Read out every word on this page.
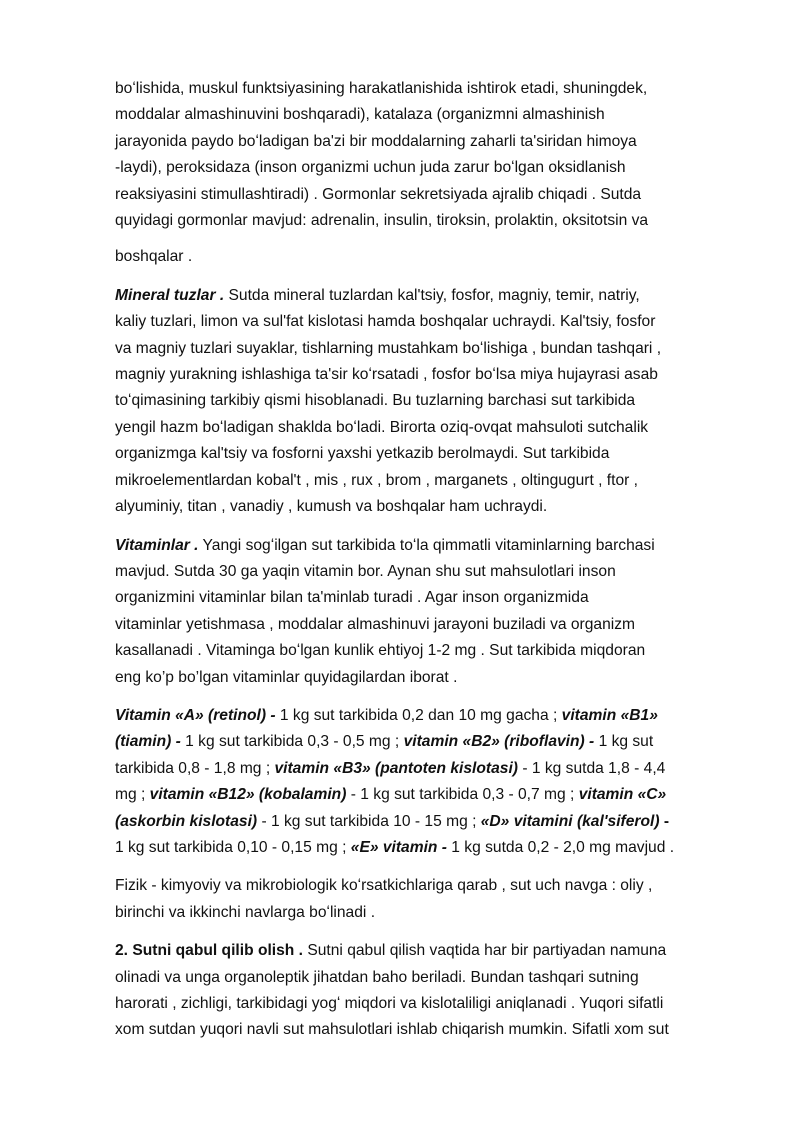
boʻlishida, muskul funktsiyasining harakatlanishida ishtirok etadi, shuningdek,
moddalar almashinuvini boshqaradi), katalaza (organizmni almashinish
jarayonida paydo boʻladigan ba'zi bir moddalarning zaharli ta'siridan himoya
-laydi), peroksidaza (inson organizmi uchun juda zarur boʻlgan oksidlanish
reaksiyasini stimullashtiradi) . Gormonlar sekretsiyada ajralib chiqadi . Sutda
quyidagi gormonlar mavjud: adrenalin, insulin, tiroksin, prolaktin, oksitotsin va
boshqalar .
Mineral tuzlar . Sutda mineral tuzlardan kal'tsiy, fosfor, magniy, temir, natriy,
kaliy tuzlari, limon va sul'fat kislotasi hamda boshqalar uchraydi. Kal'tsiy, fosfor
va magniy tuzlari suyaklar, tishlarning mustahkam boʻlishiga , bundan tashqari ,
magniy yurakning ishlashiga ta'sir koʻrsatadi , fosfor boʻlsa miya hujayrasi asab
toʻqimasining tarkibiy qismi hisoblanadi. Bu tuzlarning barchasi sut tarkibida
yengil hazm boʻladigan shaklda boʻladi. Birorta oziq-ovqat mahsuloti sutchalik
organizmga kal'tsiy va fosforni yaxshi yetkazib berolmaydi. Sut tarkibida
mikroelementlardan kobal't , mis , rux , brom , marganets , oltingugurt , ftor ,
alyuminiy, titan , vanadiy , kumush va boshqalar ham uchraydi.
Vitaminlar . Yangi sogʻilgan sut tarkibida toʻla qimmatli vitaminlarning barchasi
mavjud. Sutda 30 ga yaqin vitamin bor. Aynan shu sut mahsulotlari inson
organizmini vitaminlar bilan ta'minlab turadi . Agar inson organizmida
vitaminlar yetishmasa , moddalar almashinuvi jarayoni buziladi va organizm
kasallanadi . Vitaminga boʻlgan kunlik ehtiyoj 1-2 mg . Sut tarkibida miqdoran
eng ko’p bo’lgan vitaminlar quyidagilardan iborat .
Vitamin «A» (retinol) - 1 kg sut tarkibida 0,2 dan 10 mg gacha ; vitamin «B1»
(tiamin) - 1 kg sut tarkibida 0,3 - 0,5 mg ; vitamin «B2» (riboflavin) - 1 kg sut
tarkibida 0,8 - 1,8 mg ; vitamin «B3» (pantoten kislotasi) - 1 kg sutda 1,8 - 4,4
mg ; vitamin «B12» (kobalamin) - 1 kg sut tarkibida 0,3 - 0,7 mg ; vitamin «C»
(askorbin kislotasi) - 1 kg sut tarkibida 10 - 15 mg ; «D» vitamini (kal'siferol) -
1 kg sut tarkibida 0,10 - 0,15 mg ; «E» vitamin - 1 kg sutda 0,2 - 2,0 mg mavjud .
Fizik - kimyoviy va mikrobiologik koʻrsatkichlariga qarab , sut uch navga : oliy ,
birinchi va ikkinchi navlarga boʻlinadi .
2. Sutni qabul qilib olish . Sutni qabul qilish vaqtida har bir partiyadan namuna
olinadi va unga organoleptik jihatdan baho beriladi. Bundan tashqari sutning
harorati , zichligi, tarkibidagi yogʻ miqdori va kislotaliligi aniqlanadi . Yuqori sifatli
xom sutdan yuqori navli sut mahsulotlari ishlab chiqarish mumkin. Sifatli xom sut
